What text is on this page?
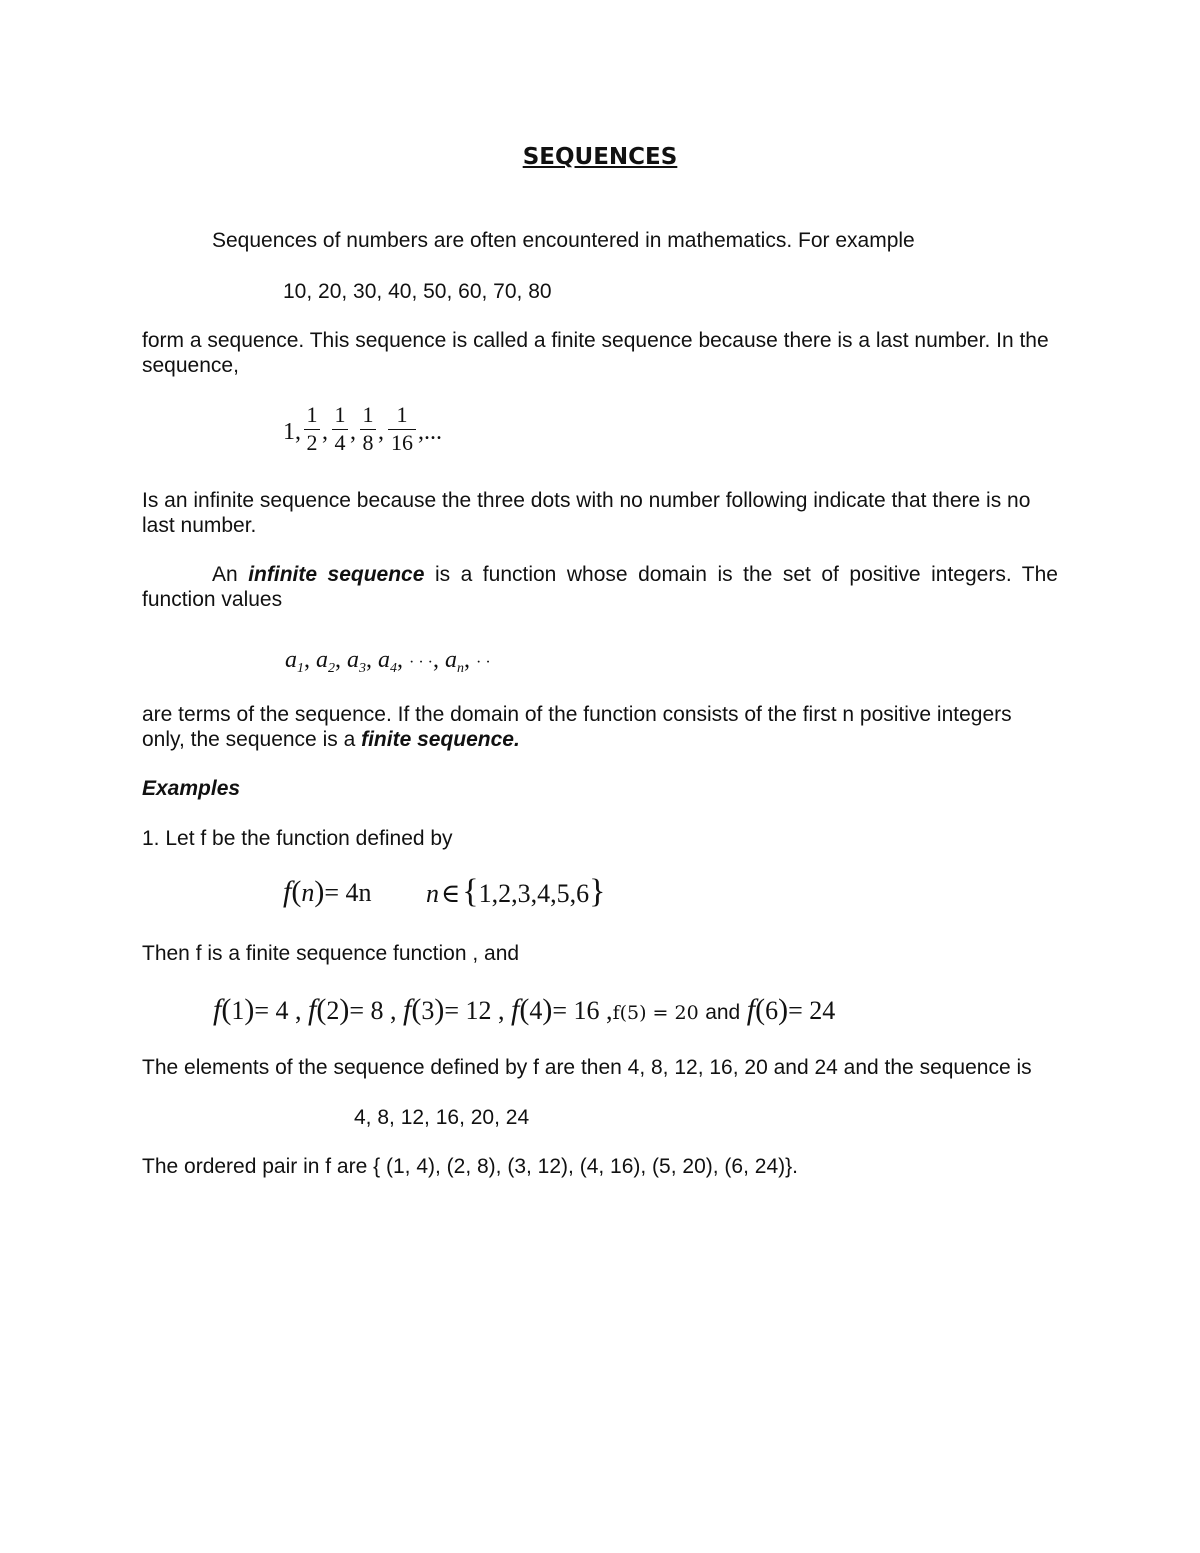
SEQUENCES
Sequences of numbers are often encountered in mathematics. For example
10, 20, 30, 40, 50, 60, 70, 80
form a sequence. This sequence is called a finite sequence because there is a last number. In the sequence,
1 ,
1
2 ,
1
4 ,
1
8 ,
1
16 ,...
Is an infinite sequence because the three dots with no number following indicate that there is no last number.
An infinite sequence is a function whose domain is the set of positive integers. The function values
$a_1$, $a_2$, $a_3$, $a_4$, · · ·, $a_n$, · ·
are terms of the sequence. If the domain of the function consists of the first n positive integers only, the sequence is a finite sequence.
Examples
1. Let f be the function defined by
f(n)= 4n n∈{1,2,3,4,5,6}
Then f is a finite sequence function , and
f(1)= 4 , f(2)= 8 , f(3)= 12 , f(4)= 16 ,f(5) = 20 and f(6)= 24
The elements of the sequence defined by f are then 4, 8, 12, 16, 20 and 24 and the sequence is
4, 8, 12, 16, 20, 24
The ordered pair in f are { (1, 4), (2, 8), (3, 12), (4, 16), (5, 20), (6, 24)}.
